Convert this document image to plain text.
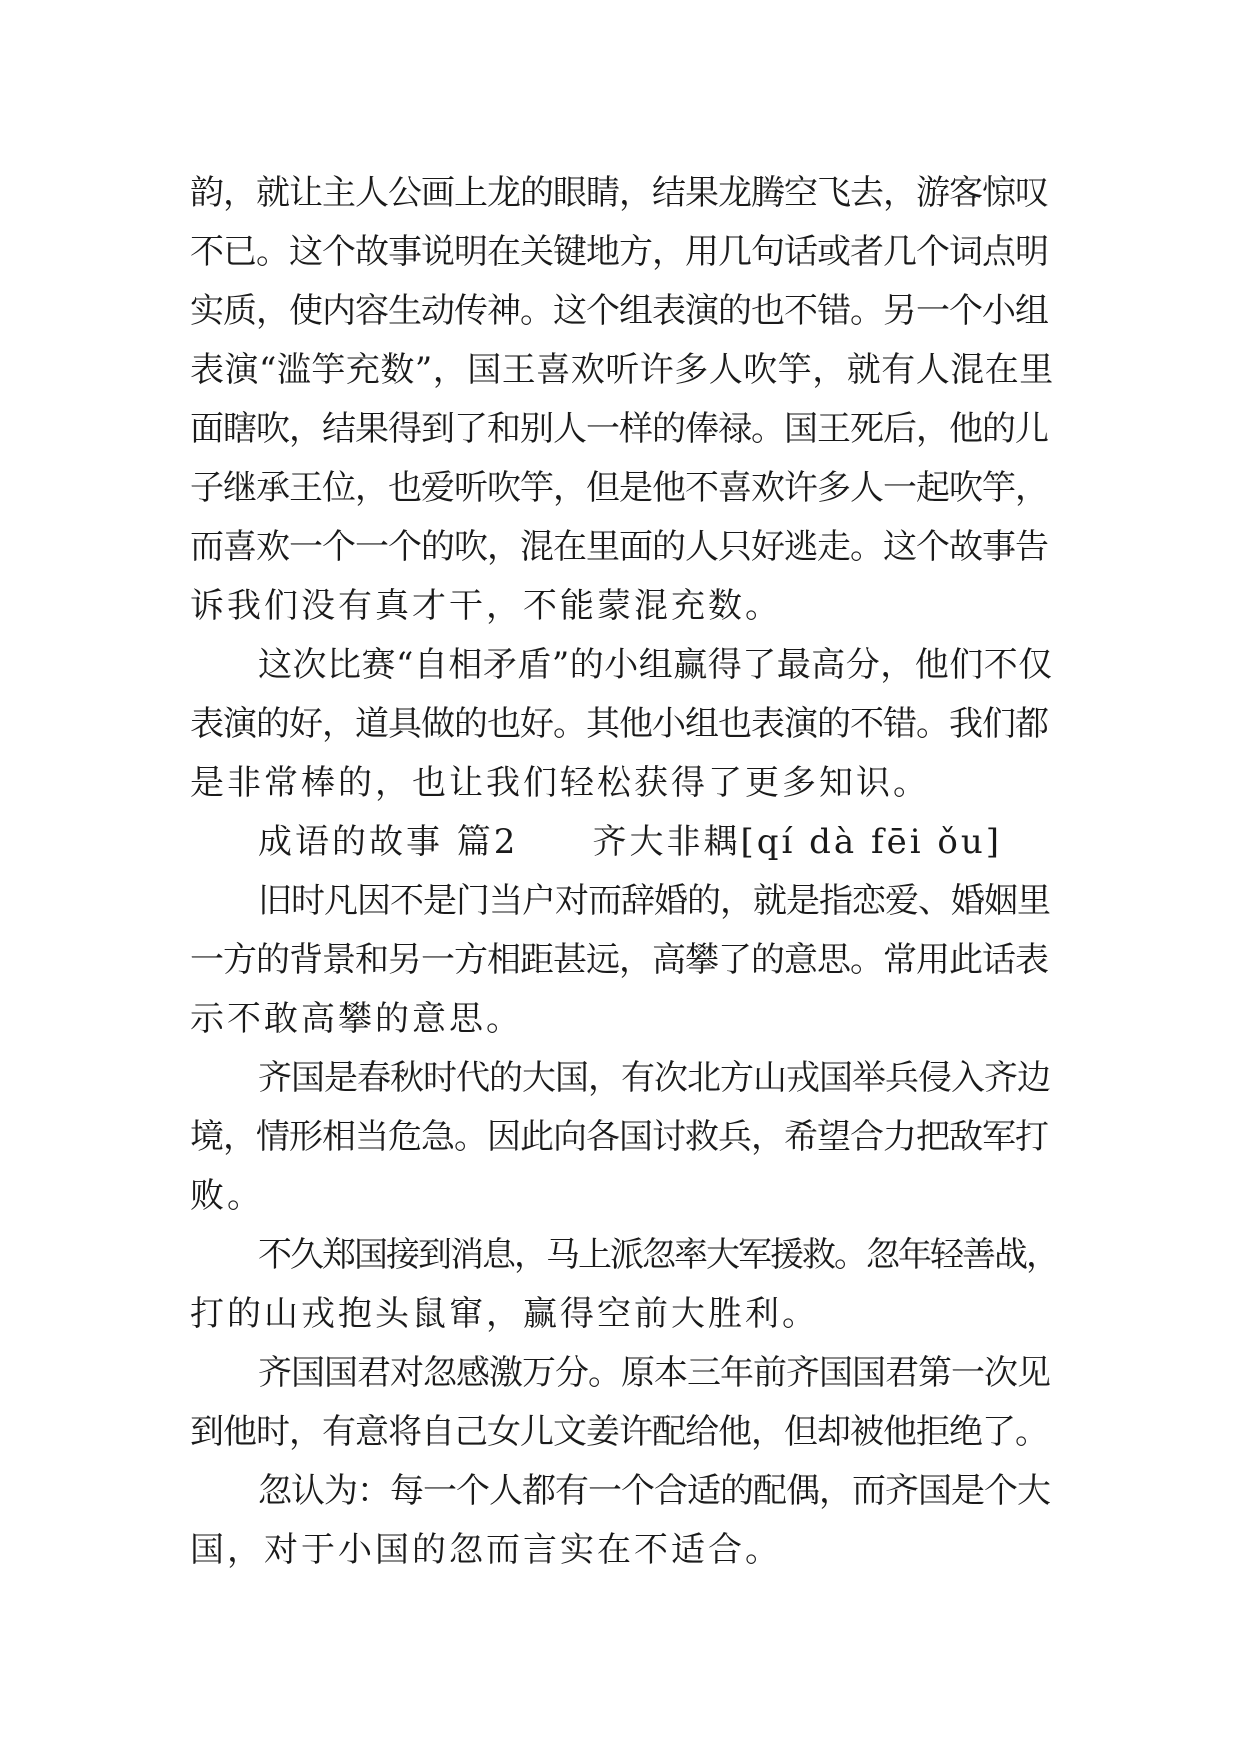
韵，就让主人公画上龙的眼睛，结果龙腾空飞去，游客惊叹
不已。这个故事说明在关键地方，用几句话或者几个词点明
实质，使内容生动传神。这个组表演的也不错。另一个小组
表演“滥竽充数”，国王喜欢听许多人吹竽，就有人混在里
面瞎吹，结果得到了和别人一样的俸禄。国王死后，他的儿
子继承王位，也爱听吹竽，但是他不喜欢许多人一起吹竽，
而喜欢一个一个的吹，混在里面的人只好逃走。这个故事告
诉我们没有真才干，不能蒙混充数。
这次比赛“自相矛盾”的小组赢得了最高分，他们不仅
表演的好，道具做的也好。其他小组也表演的不错。我们都
是非常棒的，也让我们轻松获得了更多知识。
成语的故事 篇2　　齐大非耦[qí dà fēi ǒu]
旧时凡因不是门当户对而辞婚的，就是指恋爱、婚姻里
一方的背景和另一方相距甚远，高攀了的意思。常用此话表
示不敢高攀的意思。
齐国是春秋时代的大国，有次北方山戎国举兵侵入齐边
境，情形相当危急。因此向各国讨救兵，希望合力把敌军打
败。
不久郑国接到消息，马上派忽率大军援救。忽年轻善战，
打的山戎抱头鼠窜，赢得空前大胜利。
齐国国君对忽感激万分。原本三年前齐国国君第一次见
到他时，有意将自己女儿文姜许配给他，但却被他拒绝了。
忽认为：每一个人都有一个合适的配偶，而齐国是个大
国，对于小国的忽而言实在不适合。
